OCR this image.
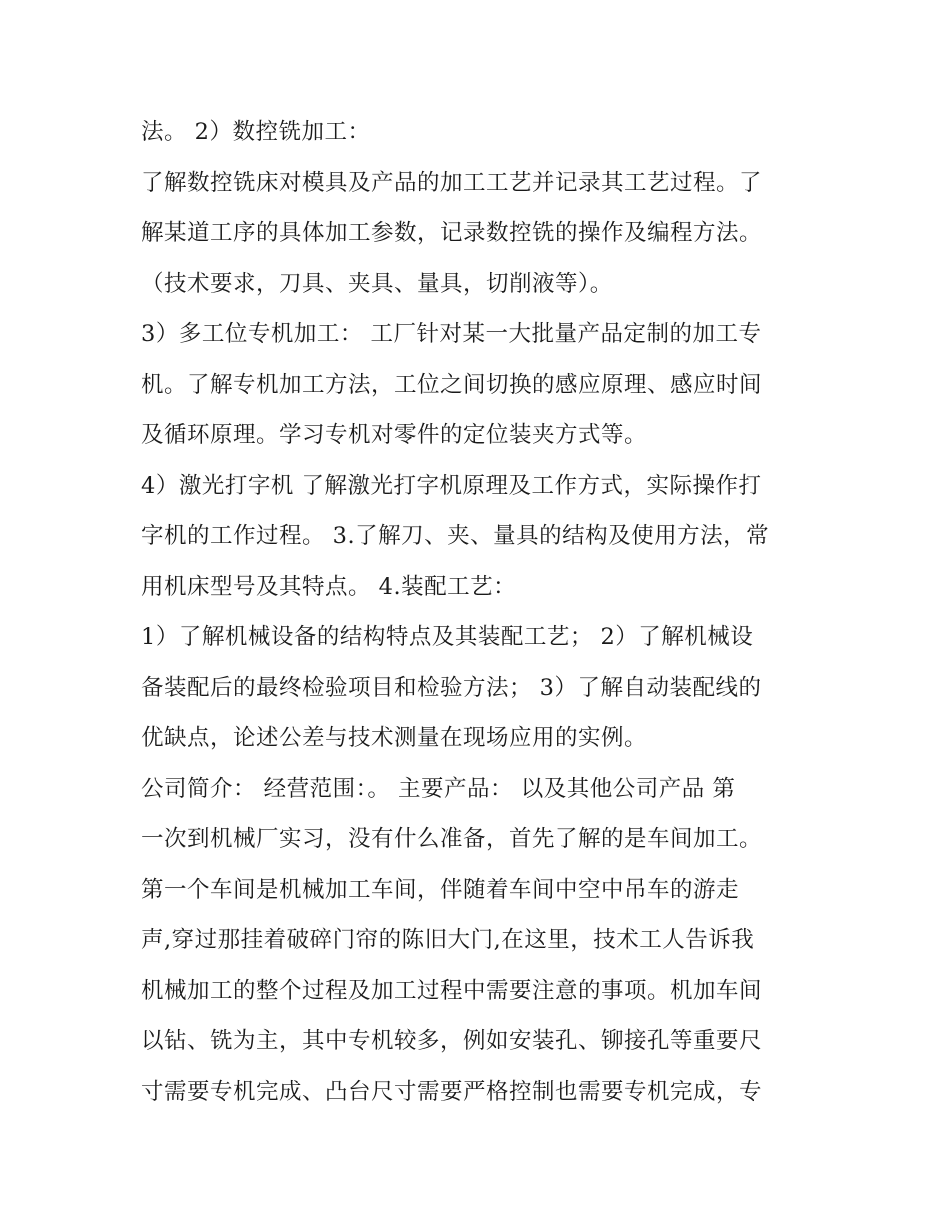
法。 2）数控铣加工：
了解数控铣床对模具及产品的加工工艺并记录其工艺过程。了
解某道工序的具体加工参数，记录数控铣的操作及编程方法。
（技术要求，刀具、夹具、量具，切削液等）。
3）多工位专机加工： 工厂针对某一大批量产品定制的加工专
机。了解专机加工方法，工位之间切换的感应原理、感应时间
及循环原理。学习专机对零件的定位装夹方式等。
4）激光打字机 了解激光打字机原理及工作方式，实际操作打
字机的工作过程。 3.了解刀、夹、量具的结构及使用方法，常
用机床型号及其特点。 4.装配工艺：
1）了解机械设备的结构特点及其装配工艺； 2）了解机械设
备装配后的最终检验项目和检验方法； 3）了解自动装配线的
优缺点，论述公差与技术测量在现场应用的实例。
公司简介： 经营范围：。 主要产品： 以及其他公司产品 第
一次到机械厂实习，没有什么准备，首先了解的是车间加工。
第一个车间是机械加工车间，伴随着车间中空中吊车的游走
声,穿过那挂着破碎门帘的陈旧大门,在这里，技术工人告诉我
机械加工的整个过程及加工过程中需要注意的事项。机加车间
以钻、铣为主，其中专机较多，例如安装孔、铆接孔等重要尺
寸需要专机完成、凸台尺寸需要严格控制也需要专机完成，专
